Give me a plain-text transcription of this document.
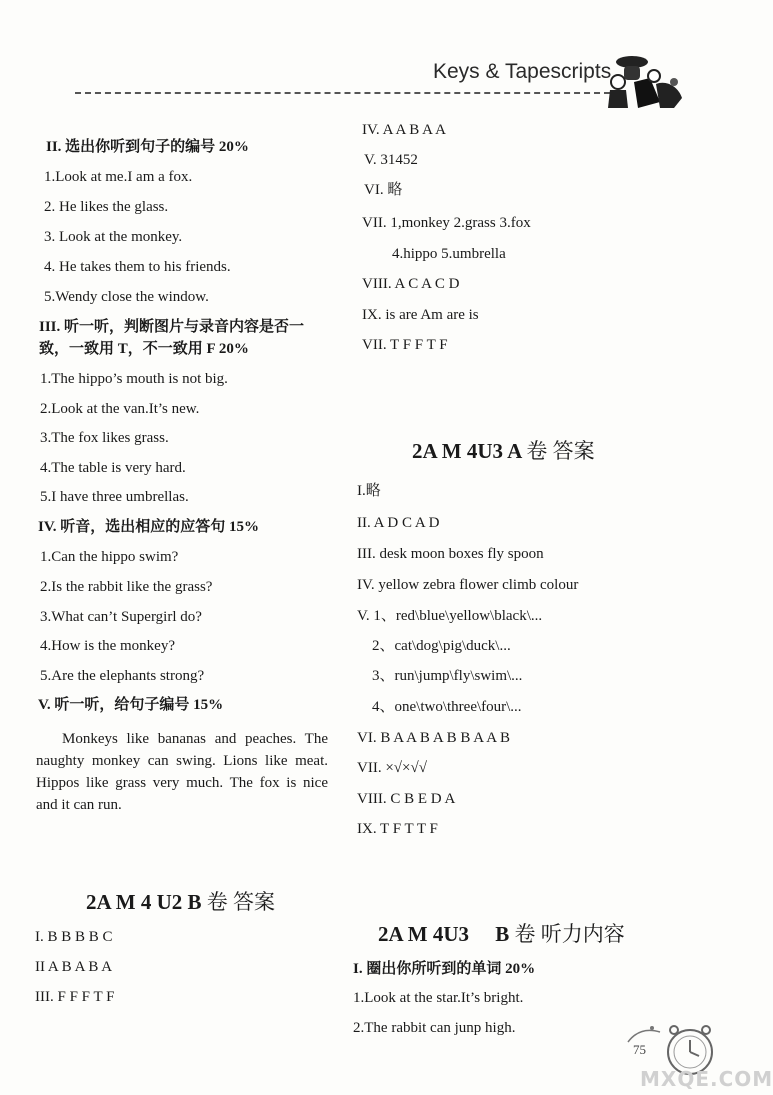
Keys & Tapescripts
II. 选出你听到句子的编号 20%
1.Look at me.I am a fox.
2. He likes the glass.
3. Look at the monkey.
4. He takes them to his friends.
5.Wendy close the window.
III. 听一听，判断图片与录音内容是否一
致，一致用 T，不一致用 F 20%
1.The hippo’s mouth is not big.
2.Look at the van.It’s new.
3.The fox likes grass.
4.The table is very hard.
5.I have three umbrellas.
IV. 听音，选出相应的应答句 15%
1.Can the hippo swim?
2.Is the rabbit like the grass?
3.What can’t Supergirl do?
4.How is the monkey?
5.Are the elephants strong?
V. 听一听，给句子编号 15%
Monkeys like bananas and peaches. The naughty monkey can swing. Lions like meat. Hippos like grass very much. The fox is nice and it can run.
2A M 4 U2 B 卷 答案
I. B B B B C
II A B A B A
III. F F F T F
IV. A A B A A
V. 31452
VI. 略
VII. 1,monkey 2.grass 3.fox
4.hippo 5.umbrella
VIII. A C A C D
IX. is are Am are is
VII. T F F T F
2A M 4U3 A 卷 答案
I.略
II. A D C A D
III. desk moon boxes fly spoon
IV. yellow zebra flower climb colour
V. 1、red\blue\yellow\black\...
2、cat\dog\pig\duck\...
3、run\jump\fly\swim\...
4、one\two\three\four\...
VI. B A A B A B B A A B
VII. ×√×√√
VIII. C B E D A
IX. T F T T F
2A M 4U3     B 卷 听力内容
I. 圈出你所听到的单词 20%
1.Look at the star.It’s bright.
2.The rabbit can junp high.
75
MXQE.COM
